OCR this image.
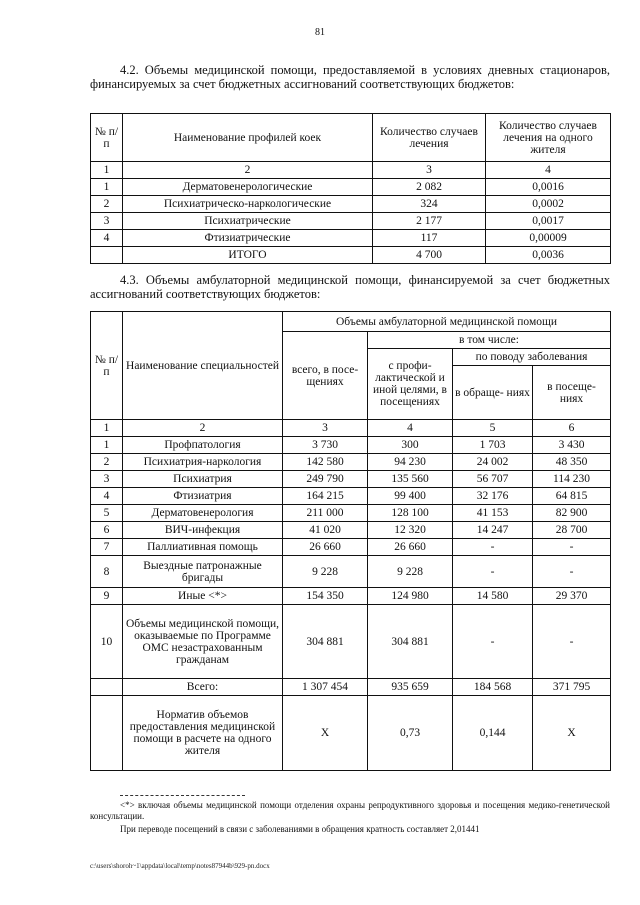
81
4.2. Объемы медицинской помощи, предоставляемой в условиях дневных стационаров, финансируемых за счет бюджетных ассигнований соответствующих бюджетов:
№ п/п	Наименование профилей коек	Количество случаев лечения	Количество случаев лечения на одного жителя
1	2	3	4
1	Дерматовенерологические	2 082	0,0016
2	Психиатрическо-наркологические	324	0,0002
3	Психиатрические	2 177	0,0017
4	Фтизиатрические	117	0,00009
	ИТОГО	4 700	0,0036
4.3. Объемы амбулаторной медицинской помощи, финансируемой за счет бюджетных ассигнований соответствующих бюджетов:
№ п/п	Наименование специальностей	Объемы амбулаторной медицинской помощи			
		всего, в посе- щениях	в том числе:		
			с профи- лактической и иной целями, в посещениях	по поводу заболевания	
				в обраще- ниях	в посеще- ниях
1	2	3	4	5	6
1	Профпатология	3 730	300	1 703	3 430
2	Психиатрия-наркология	142 580	94 230	24 002	48 350
3	Психиатрия	249 790	135 560	56 707	114 230
4	Фтизиатрия	164 215	99 400	32 176	64 815
5	Дерматовенерология	211 000	128 100	41 153	82 900
6	ВИЧ-инфекция	41 020	12 320	14 247	28 700
7	Паллиативная помощь	26 660	26 660	-	-
8	Выездные патронажные бригады	9 228	9 228	-	-
9	Иные <*>	154 350	124 980	14 580	29 370
10	Объемы медицинской помощи, оказываемые по Программе ОМС незастрахованным гражданам	304 881	304 881	-	-
	Всего:	1 307 454	935 659	184 568	371 795
	Норматив объемов предоставления медицинской помощи в расчете на одного жителя	X	0,73	0,144	X
<*> включая объемы медицинской помощи отделения охраны репродуктивного здоровья и посещения медико-генетической консультации.
При переводе посещений в связи с заболеваниями в обращения кратность составляет 2,01441
c:\users\shoroh~1\appdata\local\temp\notes87944b\929-pn.docx
